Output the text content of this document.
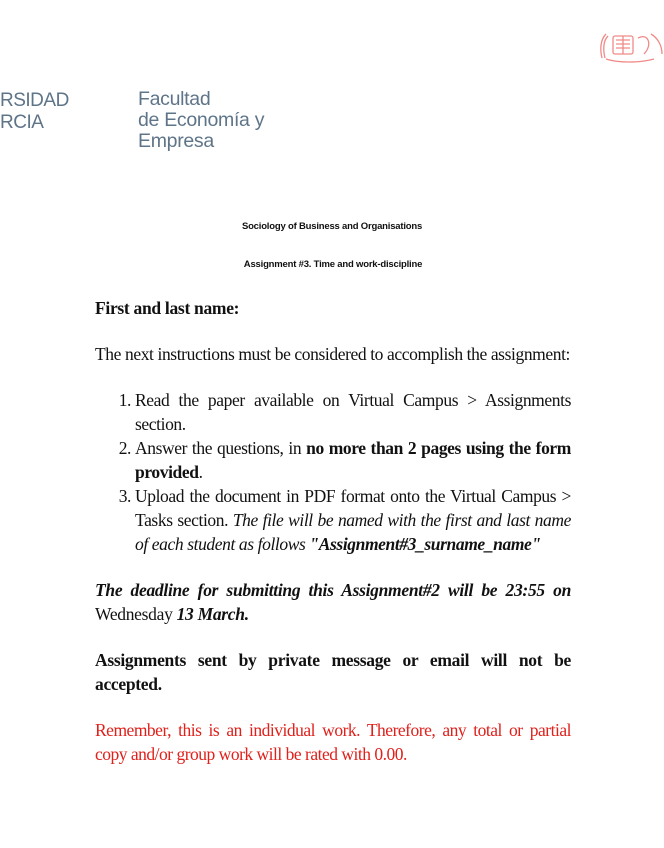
RSIDAD
RCIA
Facultad
de Economía y
Empresa
Sociology of Business and Organisations
Assignment #3. Time and work-discipline

First and last name:

The next instructions must be considered to accomplish the assignment:

1. Read the paper available on Virtual Campus > Assignments section.
2. Answer the questions, in no more than 2 pages using the form provided.
3. Upload the document in PDF format onto the Virtual Campus > Tasks section. The file will be named with the first and last name of each student as follows "Assignment#3_surname_name"

The deadline for submitting this Assignment#2 will be 23:55 on Wednesday 13 March.

Assignments sent by private message or email will not be accepted.

Remember, this is an individual work. Therefore, any total or partial copy and/or group work will be rated with 0.00.
